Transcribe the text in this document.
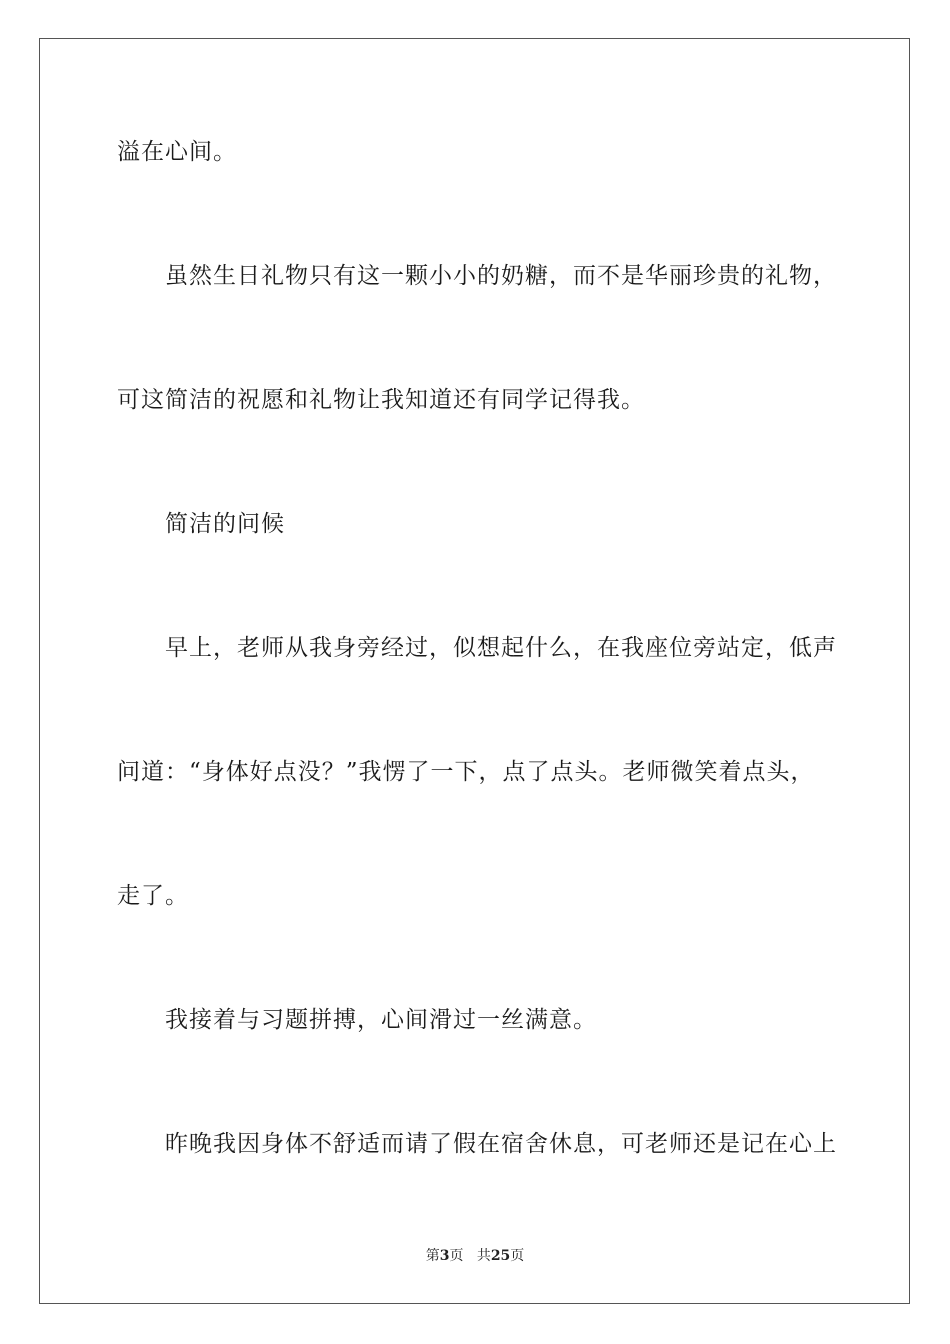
溢在心间。
虽然生日礼物只有这一颗小小的奶糖，而不是华丽珍贵的礼物，
可这简洁的祝愿和礼物让我知道还有同学记得我。
简洁的问候
早上，老师从我身旁经过，似想起什么，在我座位旁站定，低声
问道：“身体好点没？”我愣了一下，点了点头。老师微笑着点头，
走了。
我接着与习题拼搏，心间滑过一丝满意。
昨晚我因身体不舒适而请了假在宿舍休息，可老师还是记在心上
第3页 共25页
